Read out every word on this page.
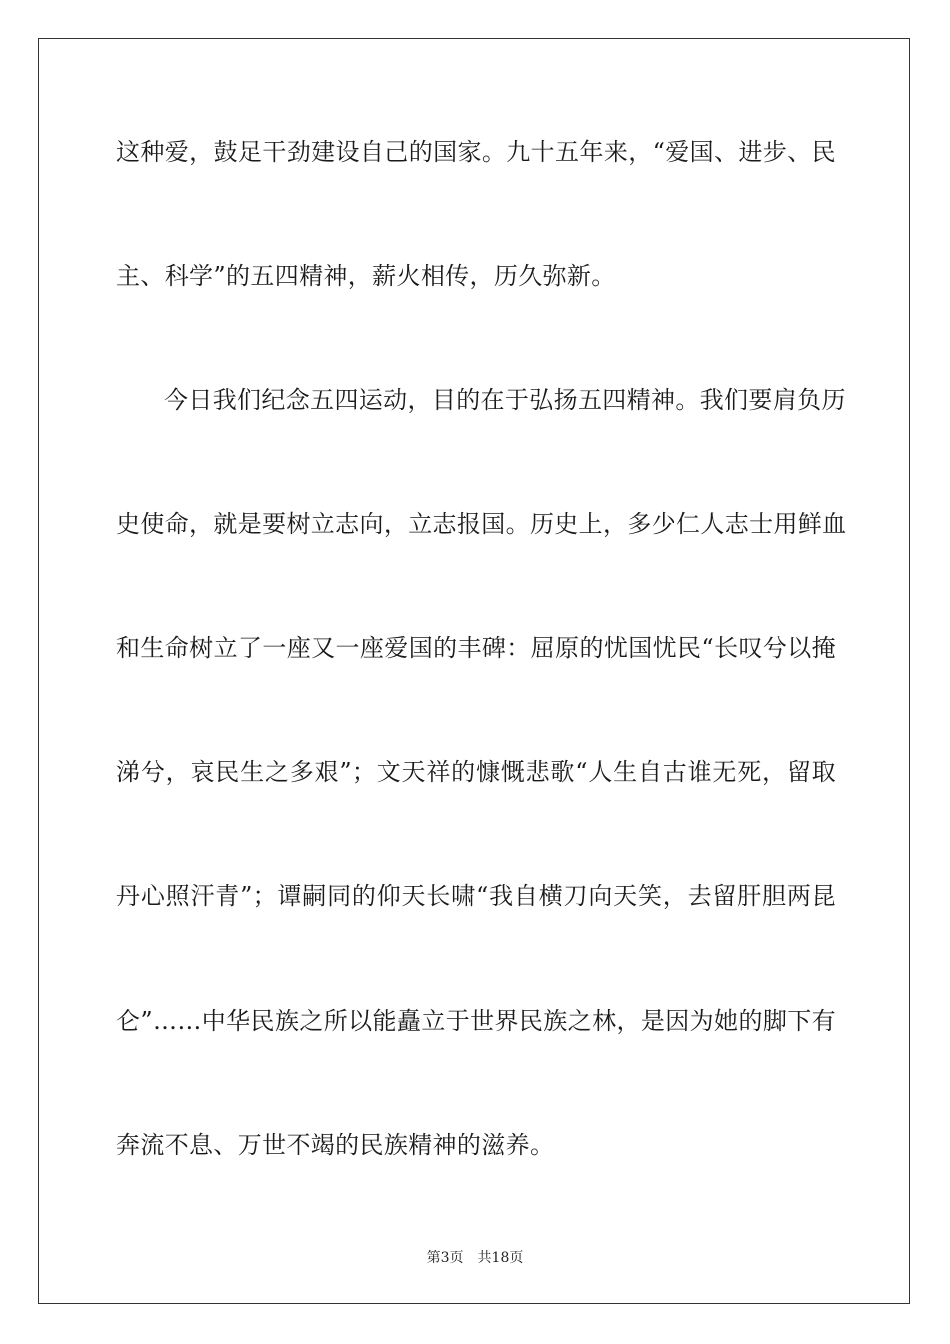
这种爱，鼓足干劲建设自己的国家。九十五年来，“爱国、进步、民
主、科学”的五四精神，薪火相传，历久弥新。
今日我们纪念五四运动，目的在于弘扬五四精神。我们要肩负历
史使命，就是要树立志向，立志报国。历史上，多少仁人志士用鲜血
和生命树立了一座又一座爱国的丰碑：屈原的忧国忧民“长叹兮以掩
涕兮，哀民生之多艰”；文天祥的慷慨悲歌“人生自古谁无死，留取
丹心照汗青”；谭嗣同的仰天长啸“我自横刀向天笑，去留肝胆两昆
仑”……中华民族之所以能矗立于世界民族之林，是因为她的脚下有
奔流不息、万世不竭的民族精神的滋养。
第3页 共18页
